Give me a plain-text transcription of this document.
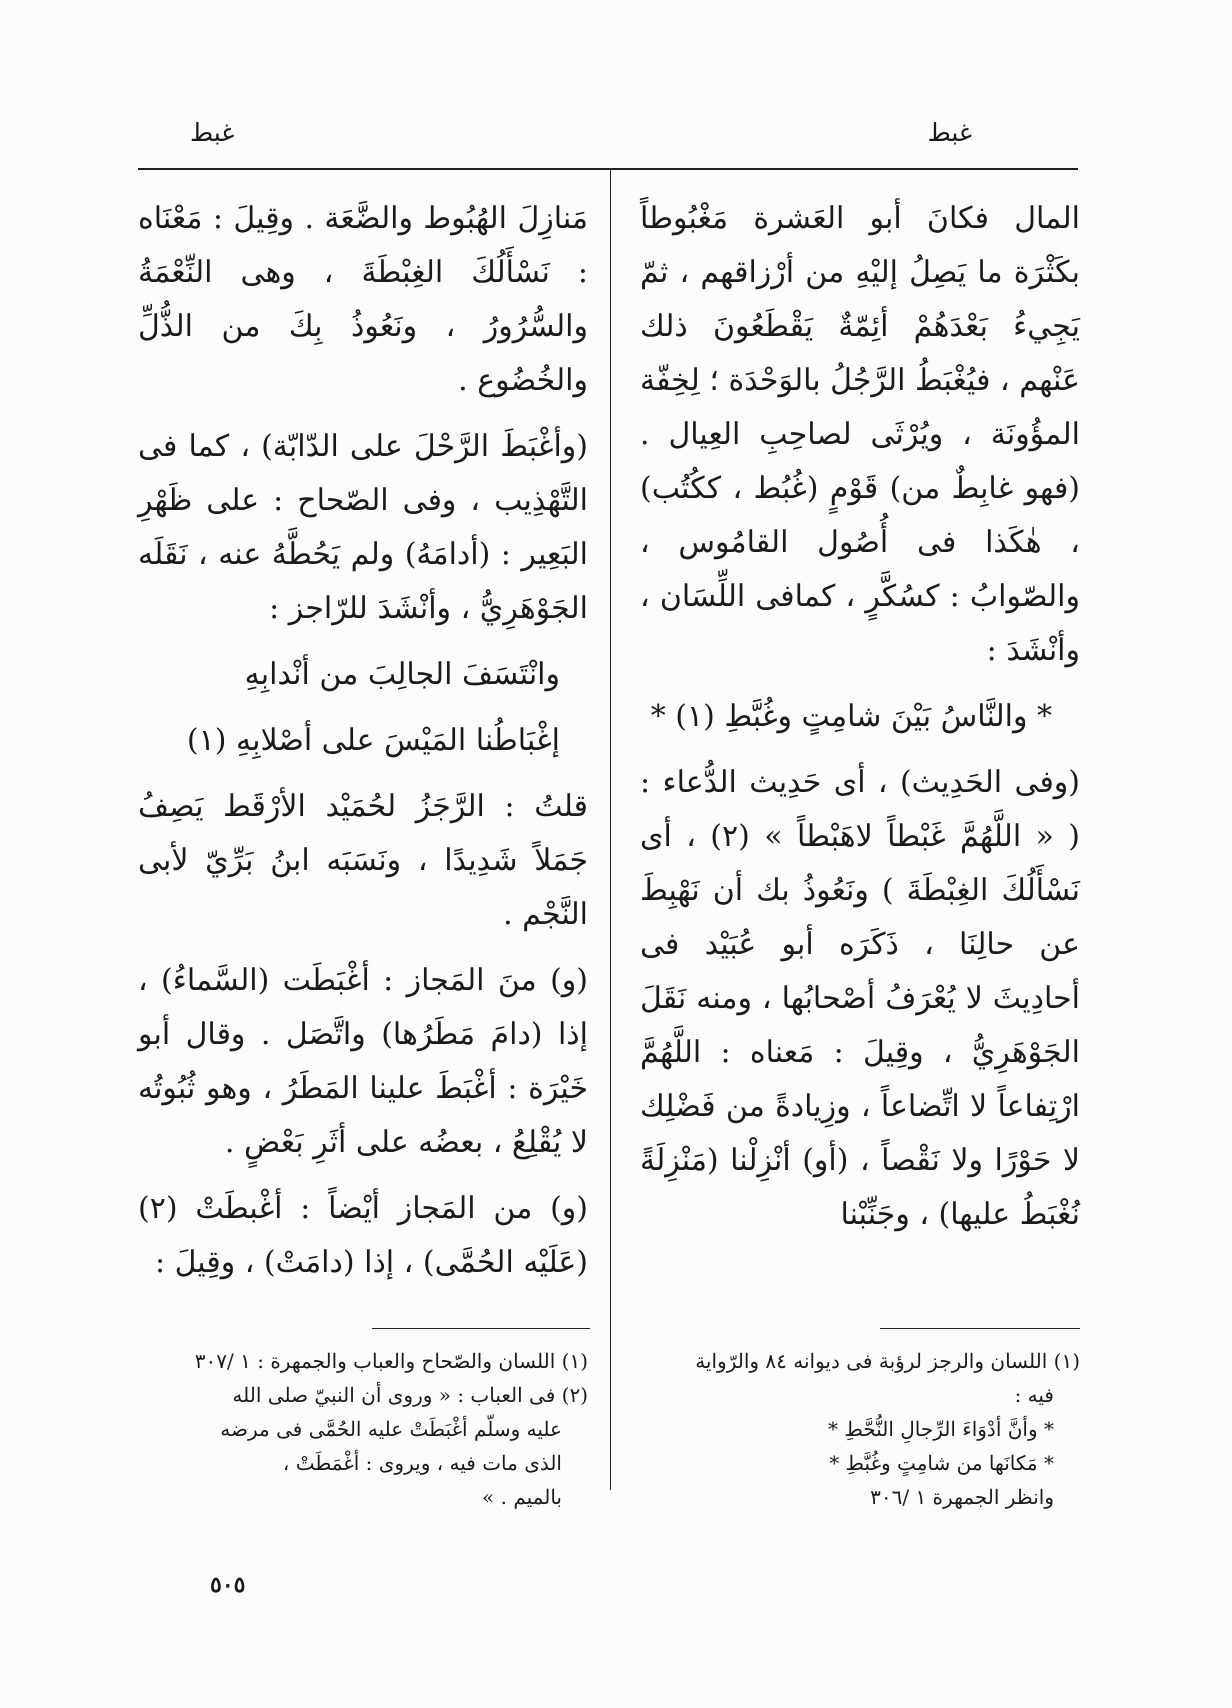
غبط
غبط

المال فكانَ أبو العَشرة مَغْبُوطاً بكَثْرَة ما يَصِلُ إليْهِ من أرْزاقهم ، ثمّ يَجِيءُ بَعْدَهُمْ أئِمّةٌ يَقْطَعُونَ ذلك عَنْهم ، فيُغْبَطُ الرَّجُلُ بالوَحْدَة ؛ لِخِفّة المؤُونَة ، ويُرْثَى لصاحِبِ العِيال . (فهو غابِطٌ من) قَوْمٍ (غُبُط ، ككُتُب) ، هٰكَذا فى أُصُول القامُوس ، والصّوابُ : كسُكَّرٍ ، كمافى اللِّسَان ، وأنْشَدَ :

* والنَّاسُ بَيْنَ شامِتٍ وغُبَّطِ (١) *

(وفى الحَدِيث) ، أى حَدِيث الدُّعاء : ( « اللَّهُمَّ غَبْطاً لاهَبْطاً » (٢) ، أى نَسْأَلُكَ الغِبْطَةَ ) ونَعُوذُ بك أن نَهْبِطَ عن حالِنَا ، ذَكَرَه أبو عُبَيْد فى أحادِيثَ لا يُعْرَفُ أصْحابُها ، ومنه نَقَلَ الجَوْهَرِيُّ ، وقِيلَ : مَعناه : اللَّهُمَّ ارْتِفاعاً لا اتِّضاعاً ، وزِيادةً من فَضْلِك لا حَوْرًا ولا نَقْصاً ، (أو) أنْزِلْنا (مَنْزِلَةً نُغْبَطُ عليها) ، وجَنِّبْنا

مَنازِلَ الهُبُوط والضَّعَة . وقِيلَ : مَعْنَاه : نَسْأَلُكَ الغِبْطَةَ ، وهى النِّعْمَةُ والسُّرُورُ ، ونَعُوذُ بِكَ من الذُّلِّ والخُضُوع .

(وأغْبَطَ الرَّحْلَ على الدّابّة) ، كما فى التَّهْذِيب ، وفى الصّحاح : على ظَهْرِ البَعِير : (أدامَهُ) ولم يَحُطَّهُ عنه ، نَقَلَه الجَوْهَرِيُّ ، وأنْشَدَ للرّاجز :

وانْتَسَفَ الجالِبَ من أنْدابِهِ

إغْبَاطُنا المَيْسَ على أصْلابِهِ (١)

قلتُ : الرَّجَزُ لحُمَيْد الأرْقَط يَصِفُ جَمَلاً شَدِيدًا ، ونَسَبَه ابنُ بَرِّيّ لأبى النَّجْم .

(و) منَ المَجاز : أغْبَطَت (السَّماءُ) ، إذا (دامَ مَطَرُها) واتَّصَل . وقال أبو خَيْرَة : أغْبَطَ علينا المَطَرُ ، وهو ثُبُوتُه لا يُقْلِعُ ، بعضُه على أثَرِ بَعْضٍ .

(و) من المَجاز أيْضاً : أغْبطَتْ (٢) (عَلَيْه الحُمَّى) ، إذا (دامَتْ) ، وقِيلَ :

(١) اللسان والرجز لرؤبة فى ديوانه ٨٤ والرّواية

فيه :

* وأنَّ أدْوَاءَ الرِّجالِ النُّحَّطِ *

* مَكانَها من شامِتٍ وغُبَّطِ *

وانظر الجمهرة ١ /٣٠٦

(١) اللسان والصّحاح والعباب والجمهرة : ١ /٣٠٧

(٢) فى العباب : « وروى أن النبيّ صلى الله

عليه وسلّم أغْبَطَتْ عليه الحُمَّى فى مرضه

الذى مات فيه ، ويروى : أغْمَطَتْ ،

بالميم . »

٥٠٥
